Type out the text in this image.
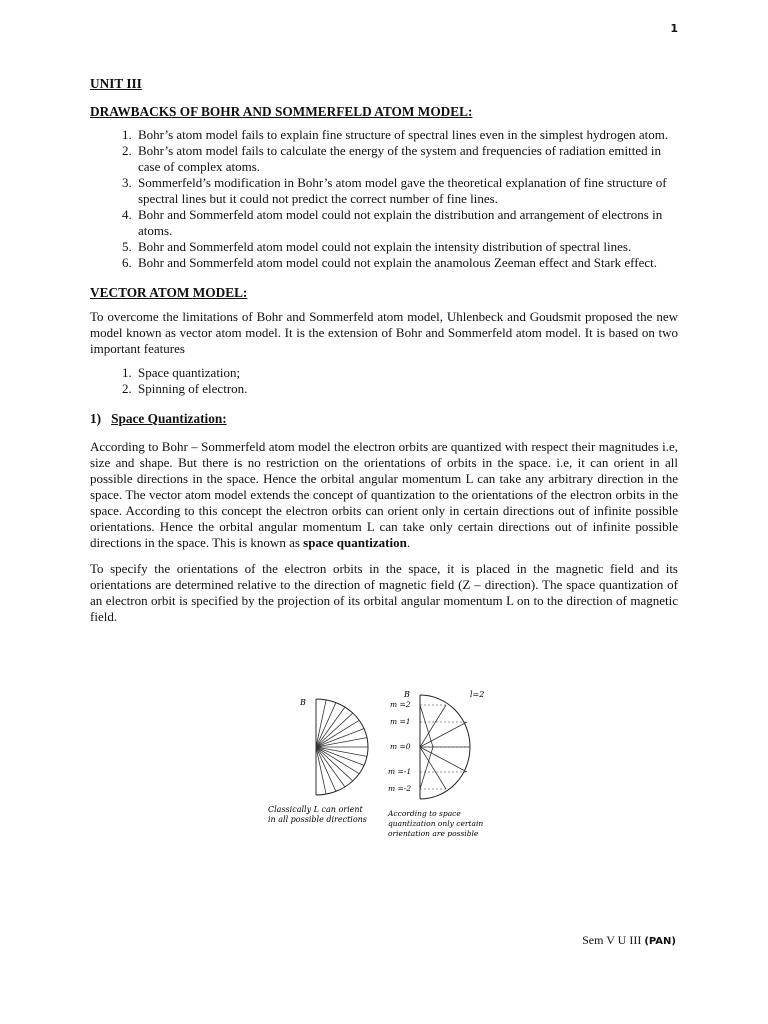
1
UNIT III
DRAWBACKS OF BOHR AND SOMMERFELD ATOM MODEL:
1. Bohr’s atom model fails to explain fine structure of spectral lines even in the simplest hydrogen atom.
2. Bohr’s atom model fails to calculate the energy of the system and frequencies of radiation emitted in case of complex atoms.
3. Sommerfeld’s modification in Bohr’s atom model gave the theoretical explanation of fine structure of spectral lines but it could not predict the correct number of fine lines.
4. Bohr and Sommerfeld atom model could not explain the distribution and arrangement of electrons in atoms.
5. Bohr and Sommerfeld atom model could not explain the intensity distribution of spectral lines.
6. Bohr and Sommerfeld atom model could not explain the anamolous Zeeman effect and Stark effect.
VECTOR ATOM MODEL:

To overcome the limitations of Bohr and Sommerfeld atom model, Uhlenbeck and Goudsmit proposed the new model known as vector atom model. It is the extension of Bohr and Sommerfeld atom model. It is based on two important features

1. Space quantization;
2. Spinning of electron.
1) Space Quantization:

According to Bohr – Sommerfeld atom model the electron orbits are quantized with respect their magnitudes i.e, size and shape. But there is no restriction on the orientations of orbits in the space. i.e, it can orient in all possible directions in the space. Hence the orbital angular momentum L can take any arbitrary direction in the space. The vector atom model extends the concept of quantization to the orientations of the electron orbits in the space. According to this concept the electron orbits can orient only in certain directions out of infinite possible orientations. Hence the orbital angular momentum L can take only certain directions out of infinite possible directions in the space. This is known as space quantization.

To specify the orientations of the electron orbits in the space, it is placed in the magnetic field and its orientations are determined relative to the direction of magnetic field (Z – direction). The space quantization of an electron orbit is specified by the projection of its orbital angular momentum L on to the direction of magnetic field.

B
Classically L can orient
in all possible directions
B	l=2
m =2
m =1
m =0
m =-1
m =-2
According to space
quantization only certain
orientation are possible
Sem V U III (PAN)
